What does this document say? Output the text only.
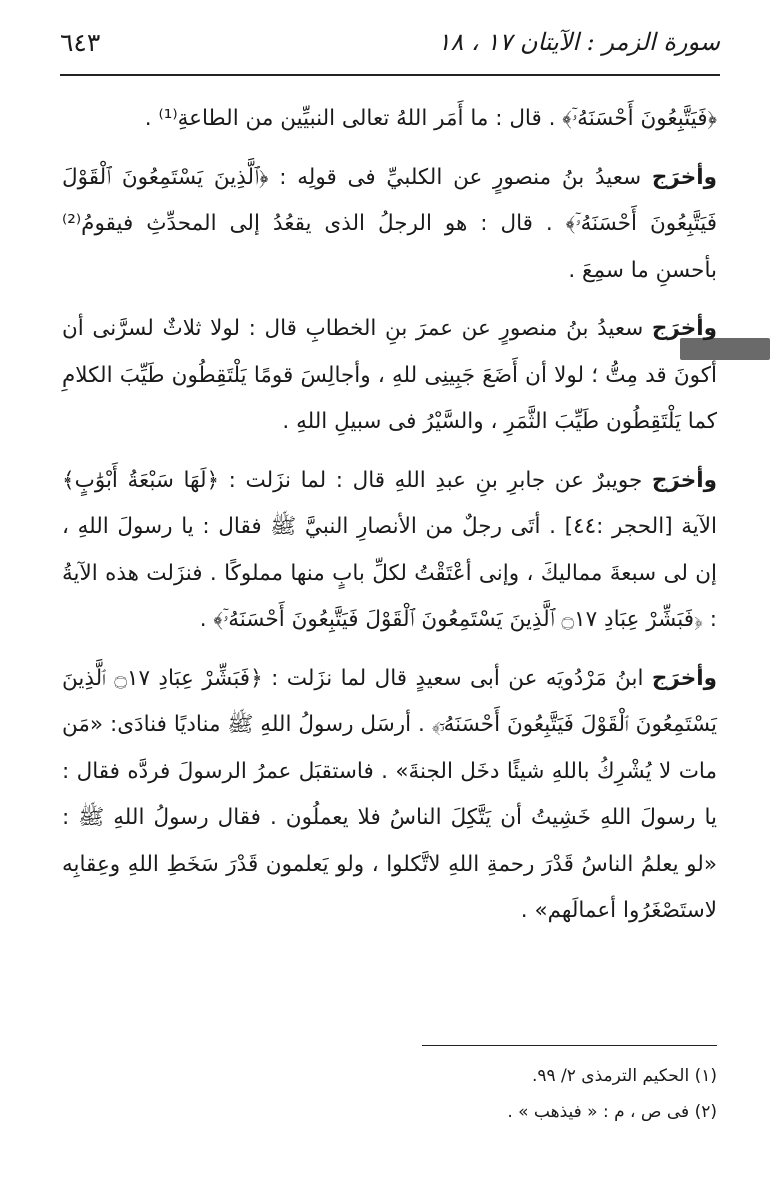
سورة الزمر : الآيتان ١٧ ، ١٨
٦٤٣

﴿فَيَتَّبِعُونَ أَحْسَنَهُۥٓ﴾ . قال : ما أَمَر اللهُ تعالى النبيِّين من الطاعةِ⁽¹⁾ .

وأخرَج سعيدُ بنُ منصورٍ عن الكلبيِّ فى قولِه : ﴿ٱلَّذِينَ يَسْتَمِعُونَ ٱلْقَوْلَ فَيَتَّبِعُونَ أَحْسَنَهُۥٓ﴾ . قال : هو الرجلُ الذى يقعُدُ إلى المحدِّثِ فيقومُ⁽²⁾ بأحسنِ ما سمِعَ .

وأخرَج سعيدُ بنُ منصورٍ عن عمرَ بنِ الخطابِ قال : لولا ثلاثٌ لسرَّنى أن أكونَ قد مِتُّ ؛ لولا أن أَضَعَ جَبِينِى للهِ ، وأجالِسَ قومًا يَلْتَقِطُون طَيِّبَ الكلامِ كما يَلْتَقِطُون طَيِّبَ الثَّمَرِ ، والسَّيْرُ فى سبيلِ اللهِ .

وأخرَج جويبرٌ عن جابرِ بنِ عبدِ اللهِ قال : لما نزَلت : ﴿لَهَا سَبْعَةُ أَبْوَٰبٍ﴾ الآية [الحجر :٤٤] . أتَى رجلٌ من الأنصارِ النبيَّ ﷺ فقال : يا رسولَ اللهِ ، إن لى سبعةَ مماليكَ ، وإنى أعْتَقْتُ لكلِّ بابٍ منها مملوكًا . فنزَلت هذه الآيةُ : ﴿فَبَشِّرْ عِبَادِ ۝١٧ ٱلَّذِينَ يَسْتَمِعُونَ ٱلْقَوْلَ فَيَتَّبِعُونَ أَحْسَنَهُۥٓ﴾ .

وأخرَج ابنُ مَرْدُويَه عن أبى سعيدٍ قال لما نزَلت : ﴿فَبَشِّرْ عِبَادِ ۝١٧ ٱلَّذِينَ يَسْتَمِعُونَ ٱلْقَوْلَ فَيَتَّبِعُونَ أَحْسَنَهُۥٓ﴾ . أرسَل رسولُ اللهِ ﷺ مناديًا فنادَى: «مَن مات لا يُشْرِكُ باللهِ شيئًا دخَل الجنةَ» . فاستقبَل عمرُ الرسولَ فردَّه فقال : يا رسولَ اللهِ خَشِيتُ أن يَتَّكِلَ الناسُ فلا يعملُون . فقال رسولُ اللهِ ﷺ : «لو يعلمُ الناسُ قَدْرَ رحمةِ اللهِ لاتَّكلوا ، ولو يَعلمون قَدْرَ سَخَطِ اللهِ وعِقابِه لاستَصْغَرُوا أعمالَهم» .

(١) الحكيم الترمذى ٢/ ٩٩.

(٢) فى ص ، م : « فيذهب » .
